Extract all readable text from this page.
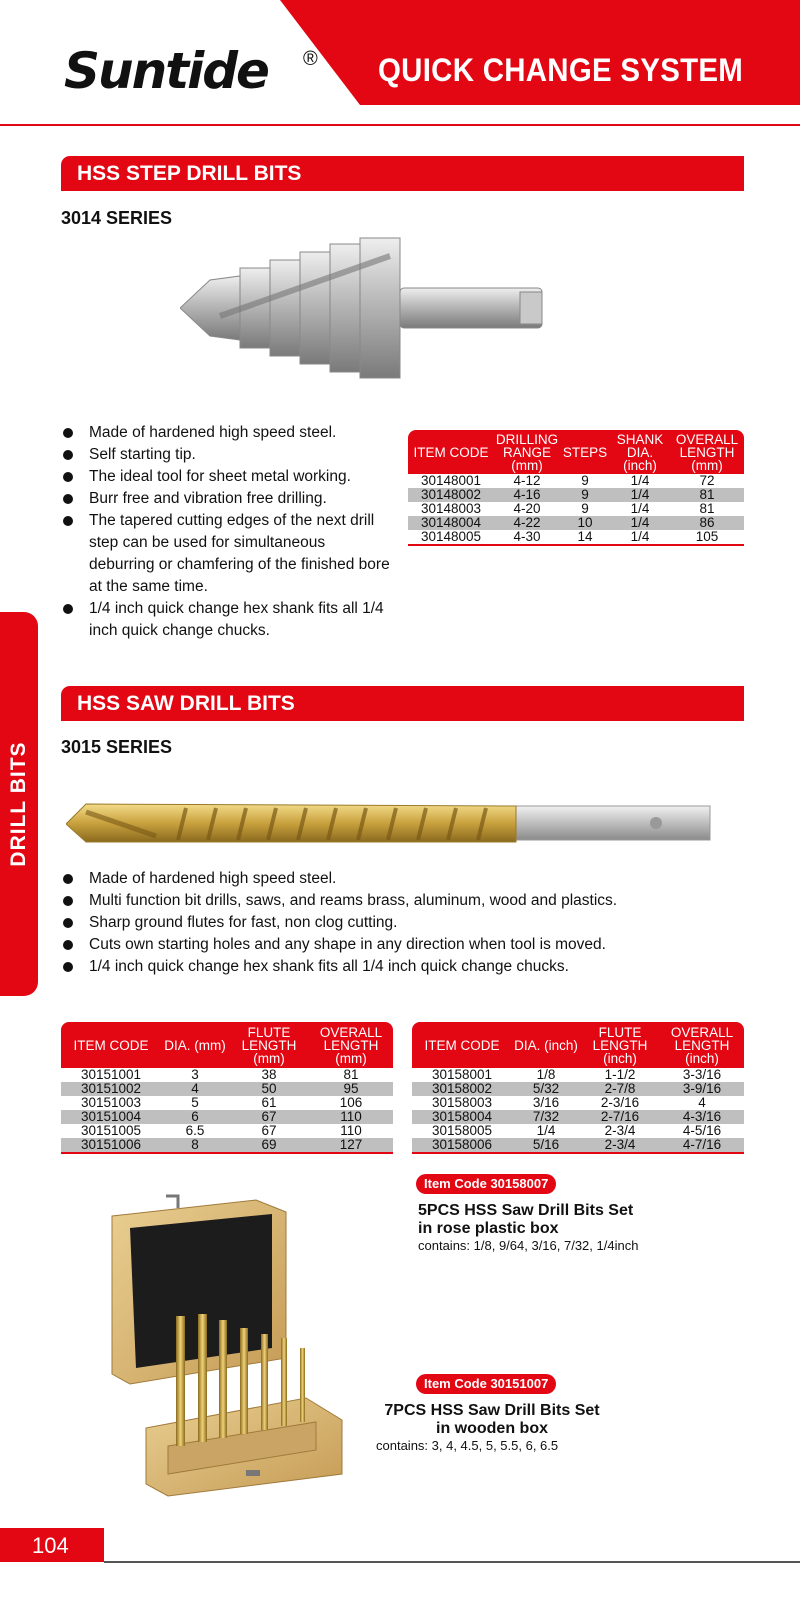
QUICK CHANGE SYSTEM
Suntide ®
DRILL BITS
HSS STEP DRILL BITS
3014 SERIES
Made of hardened high speed steel.
Self starting tip.
The ideal tool for sheet metal working.
Burr free and vibration free drilling.
The tapered cutting edges of the next drill step can be used for simultaneous deburring or chamfering of the finished bore at the same time.
1/4 inch quick change hex shank fits all 1/4 inch quick change chucks.
ITEM CODE	DRILLING RANGE (mm)	STEPS	SHANK DIA. (inch)	OVERALL LENGTH (mm)
30148001	4-12	9	1/4	72
30148002	4-16	9	1/4	81
30148003	4-20	9	1/4	81
30148004	4-22	10	1/4	86
30148005	4-30	14	1/4	105
HSS SAW DRILL BITS
3015 SERIES
Made of hardened high speed steel.
Multi function bit drills, saws, and reams brass, aluminum, wood and plastics.
Sharp ground flutes for fast, non clog cutting.
Cuts own starting holes and any shape in any direction when tool is moved.
1/4 inch quick change hex shank fits all 1/4 inch quick change chucks.
ITEM CODE	DIA. (mm)	FLUTE LENGTH (mm)	OVERALL LENGTH (mm)
30151001	3	38	81
30151002	4	50	95
30151003	5	61	106
30151004	6	67	110
30151005	6.5	67	110
30151006	8	69	127
ITEM CODE	DIA. (inch)	FLUTE LENGTH (inch)	OVERALL LENGTH (inch)
30158001	1/8	1-1/2	3-3/16
30158002	5/32	2-7/8	3-9/16
30158003	3/16	2-3/16	4
30158004	7/32	2-7/16	4-3/16
30158005	1/4	2-3/4	4-5/16
30158006	5/16	2-3/4	4-7/16
Item Code 30158007
5PCS HSS Saw Drill Bits Set
in rose plastic box
contains: 1/8, 9/64, 3/16, 7/32, 1/4inch
Item Code 30151007
7PCS HSS Saw Drill Bits Set
in wooden box
contains: 3, 4, 4.5, 5, 5.5, 6, 6.5
104
